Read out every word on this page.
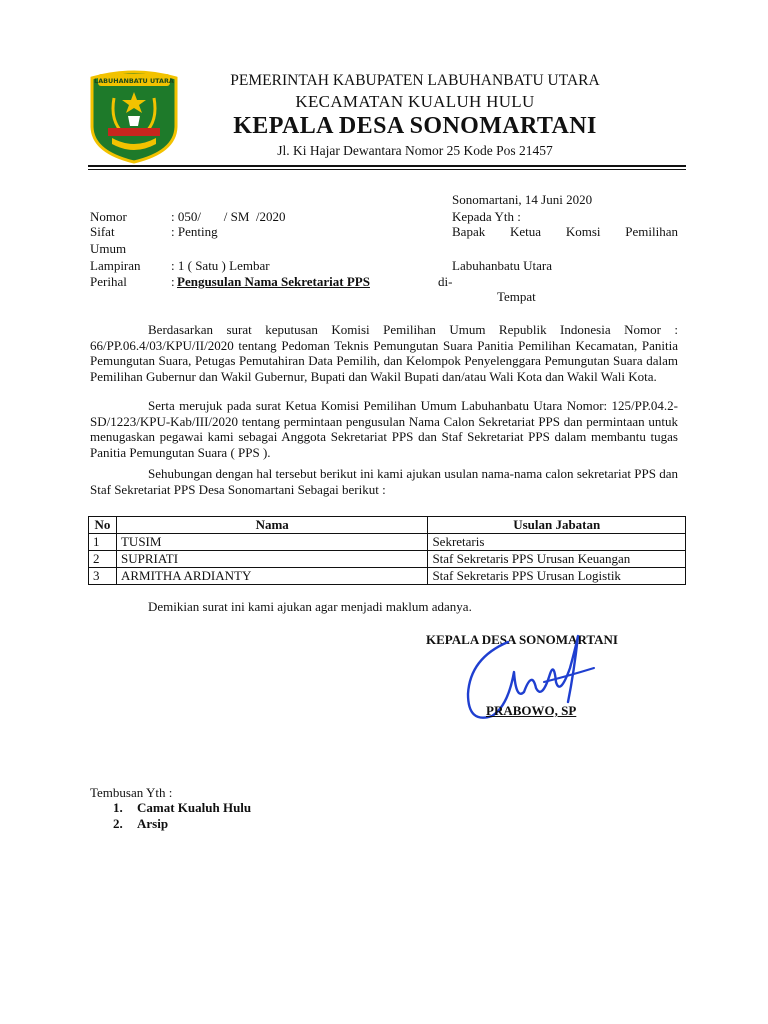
LABUHANBATU UTARA	PEMERINTAH KABUPATEN LABUHANBATU UTARA
KECAMATAN KUALUH HULU
KEPALA DESA SONOMARTANI
Jl. Ki Hajar Dewantara Nomor 25 Kode Pos 21457
Sonomartani, 14 Juni 2020
Nomor	: 050/       / SM  /2020
Sifat	: Penting
Lampiran : 1 ( Satu ) Lembar
Perihal	: Pengusulan Nama Sekretariat PPS
Kepada Yth :
Bapak Ketua Komsi Pemilihan
Umum
Labuhanbatu Utara
di-
Tempat
Berdasarkan surat keputusan Komisi Pemilihan Umum Republik Indonesia Nomor : 66/PP.06.4/03/KPU/II/2020 tentang Pedoman Teknis Pemungutan Suara Panitia Pemilihan Kecamatan, Panitia Pemungutan Suara, Petugas Pemutahiran Data Pemilih, dan Kelompok Penyelenggara Pemungutan Suara dalam Pemilihan Gubernur dan Wakil Gubernur, Bupati dan Wakil Bupati dan/atau Wali Kota dan Wakil Wali Kota.
Serta merujuk pada surat Ketua Komisi Pemilihan Umum Labuhanbatu Utara Nomor: 125/PP.04.2-SD/1223/KPU-Kab/III/2020 tentang permintaan pengusulan Nama Calon Sekretariat PPS dan permintaan untuk menugaskan pegawai kami sebagai Anggota Sekretariat PPS dan Staf Sekretariat PPS dalam membantu tugas Panitia Pemungutan Suara ( PPS ).
Sehubungan dengan hal tersebut berikut ini kami ajukan usulan nama-nama calon sekretariat PPS dan Staf Sekretariat PPS Desa Sonomartani Sebagai berikut :
No	Nama	Usulan Jabatan
1	TUSIM	Sekretaris
2	SUPRIATI	Staf Sekretaris PPS Urusan Keuangan
3	ARMITHA ARDIANTY	Staf Sekretaris PPS Urusan Logistik
Demikian surat ini kami ajukan agar menjadi maklum adanya.
KEPALA DESA SONOMARTANI
PRABOWO, SP
Tembusan Yth :
1. Camat Kualuh Hulu
2. Arsip
